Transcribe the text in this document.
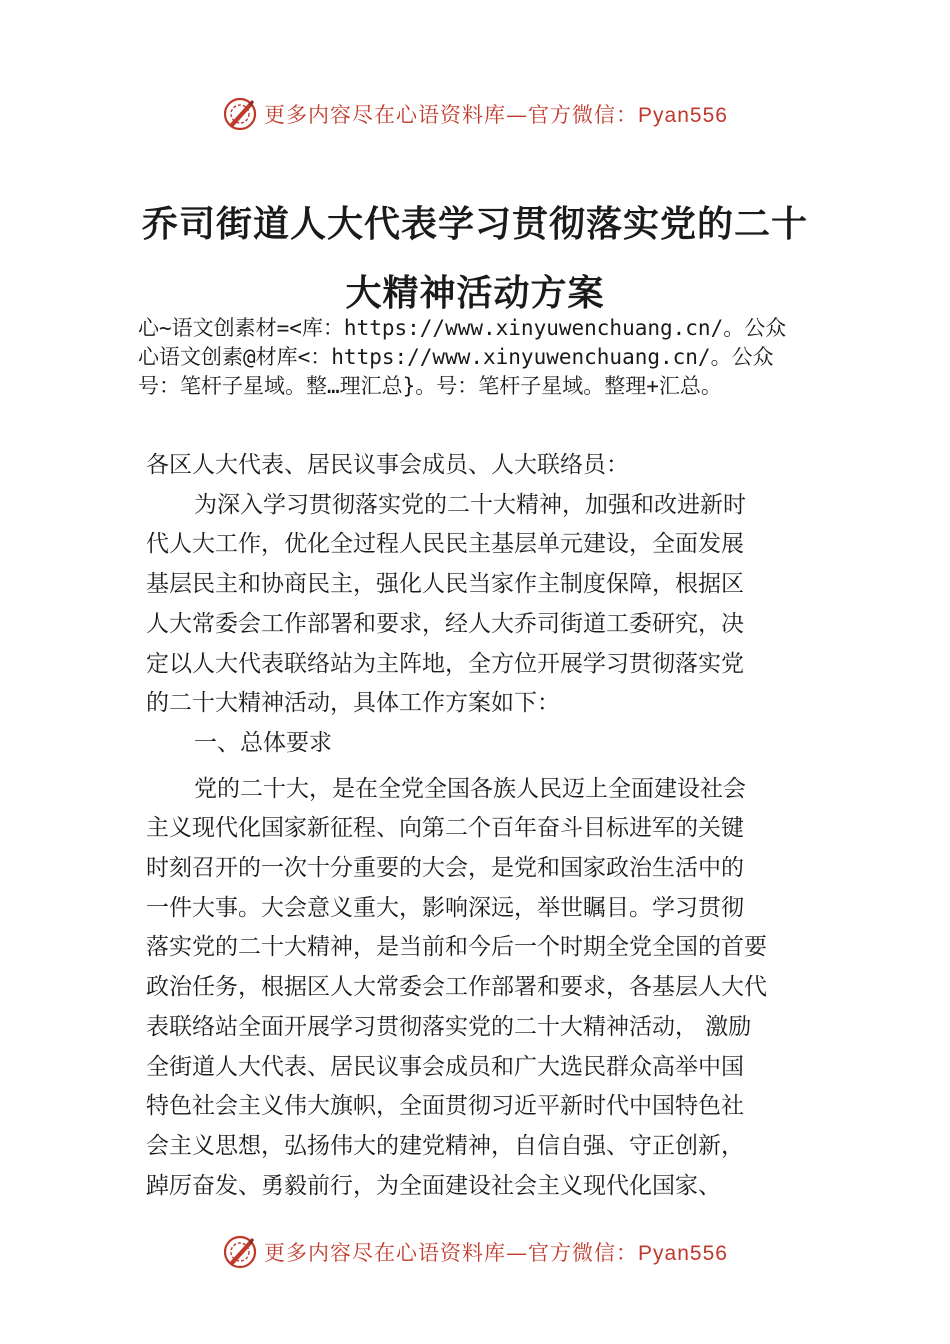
更多内容尽在心语资料库—官方微信：Pyan556
乔司街道人大代表学习贯彻落实党的二十
大精神活动方案
心~语文创素材=<库：https://www.xinyuwenchuang.cn/。公众
心语文创素@材库<：https://www.xinyuwenchuang.cn/。公众
号：笔杆子星域。整…理汇总}。号：笔杆子星域。整理+汇总。
各区人大代表、居民议事会成员、人大联络员：
为深入学习贯彻落实党的二十大精神，加强和改进新时
代人大工作，优化全过程人民民主基层单元建设，全面发展
基层民主和协商民主，强化人民当家作主制度保障，根据区
人大常委会工作部署和要求，经人大乔司街道工委研究，决
定以人大代表联络站为主阵地，全方位开展学习贯彻落实党
的二十大精神活动，具体工作方案如下：
一、总体要求
党的二十大，是在全党全国各族人民迈上全面建设社会
主义现代化国家新征程、向第二个百年奋斗目标进军的关键
时刻召开的一次十分重要的大会，是党和国家政治生活中的
一件大事。大会意义重大，影响深远，举世瞩目。学习贯彻
落实党的二十大精神，是当前和今后一个时期全党全国的首要
政治任务，根据区人大常委会工作部署和要求，各基层人大代
表联络站全面开展学习贯彻落实党的二十大精神活动， 激励
全街道人大代表、居民议事会成员和广大选民群众高举中国
特色社会主义伟大旗帜，全面贯彻习近平新时代中国特色社
会主义思想，弘扬伟大的建党精神，自信自强、守正创新，
踔厉奋发、勇毅前行，为全面建设社会主义现代化国家、
更多内容尽在心语资料库—官方微信：Pyan556
